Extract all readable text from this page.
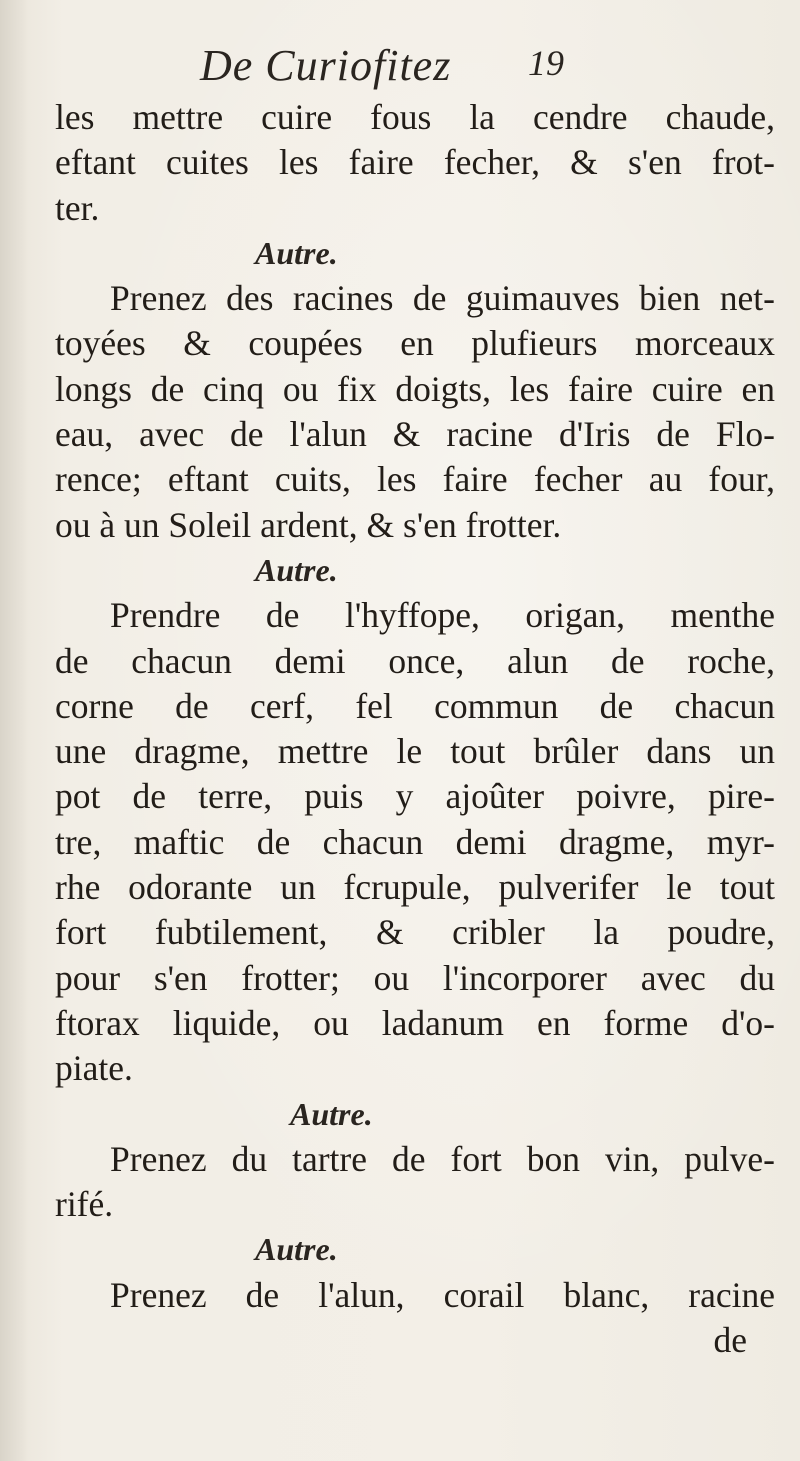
De Curiofitez 19
les mettre cuire fous la cendre chaude,
eftant cuites les faire fecher, & s'en frot-
ter.
Autre.
Prenez des racines de guimauves bien net-
toyées & coupées en plufieurs morceaux
longs de cinq ou fix doigts, les faire cuire en
eau, avec de l'alun & racine d'Iris de Flo-
rence; eftant cuits, les faire fecher au four,
ou à un Soleil ardent, & s'en frotter.
Autre.
Prendre de l'hyffope, origan, menthe
de chacun demi once, alun de roche,
corne de cerf, fel commun de chacun
une dragme, mettre le tout brûler dans un
pot de terre, puis y ajoûter poivre, pire-
tre, maftic de chacun demi dragme, myr-
rhe odorante un fcrupule, pulverifer le tout
fort fubtilement, & cribler la poudre,
pour s'en frotter; ou l'incorporer avec du
ftorax liquide, ou ladanum en forme d'o-
piate.
Autre.
Prenez du tartre de fort bon vin, pulve-
rifé.
Autre.
Prenez de l'alun, corail blanc, racine
de
